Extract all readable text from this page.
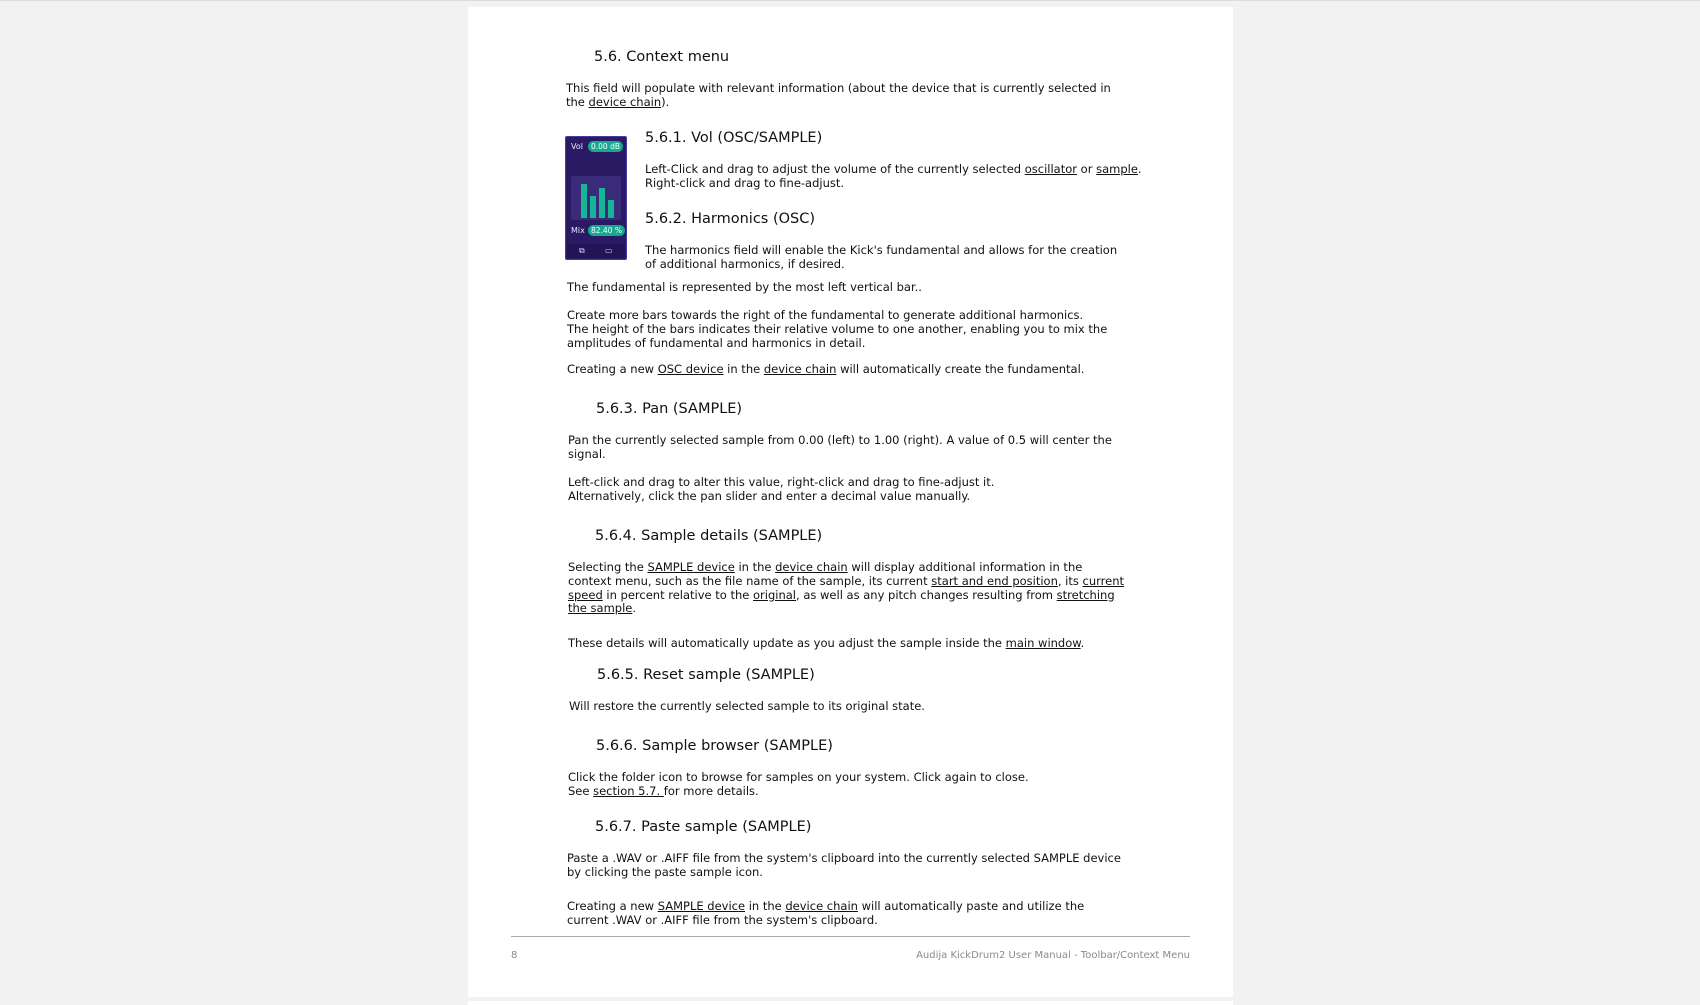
5.6. Context menu
This field will populate with relevant information (about the device that is currently selected in
the device chain).
Vol	0.00 dB
Mix 82.40 %
⧉	▭
5.6.1. Vol (OSC/SAMPLE)
Left-Click and drag to adjust the volume of the currently selected oscillator or sample.
Right-click and drag to fine-adjust.
5.6.2. Harmonics (OSC)
The harmonics field will enable the Kick's fundamental and allows for the creation
of additional harmonics, if desired.
The fundamental is represented by the most left vertical bar..
Create more bars towards the right of the fundamental to generate additional harmonics.
The height of the bars indicates their relative volume to one another, enabling you to mix the
amplitudes of fundamental and harmonics in detail.
Creating a new OSC device in the device chain will automatically create the fundamental.
5.6.3. Pan (SAMPLE)
Pan the currently selected sample from 0.00 (left) to 1.00 (right). A value of 0.5 will center the
signal.
Left-click and drag to alter this value, right-click and drag to fine-adjust it.
Alternatively, click the pan slider and enter a decimal value manually.
5.6.4. Sample details (SAMPLE)
Selecting the SAMPLE device in the device chain will display additional information in the
context menu, such as the file name of the sample, its current start and end position, its current
speed in percent relative to the original, as well as any pitch changes resulting from stretching
the sample.
These details will automatically update as you adjust the sample inside the main window.
5.6.5. Reset sample (SAMPLE)
Will restore the currently selected sample to its original state.
5.6.6. Sample browser (SAMPLE)
Click the folder icon to browse for samples on your system. Click again to close.
See section 5.7. for more details.
5.6.7. Paste sample (SAMPLE)
Paste a .WAV or .AIFF file from the system's clipboard into the currently selected SAMPLE device
by clicking the paste sample icon.
Creating a new SAMPLE device in the device chain will automatically paste and utilize the
current .WAV or .AIFF file from the system's clipboard.
8	Audija KickDrum2 User Manual - Toolbar/Context Menu
